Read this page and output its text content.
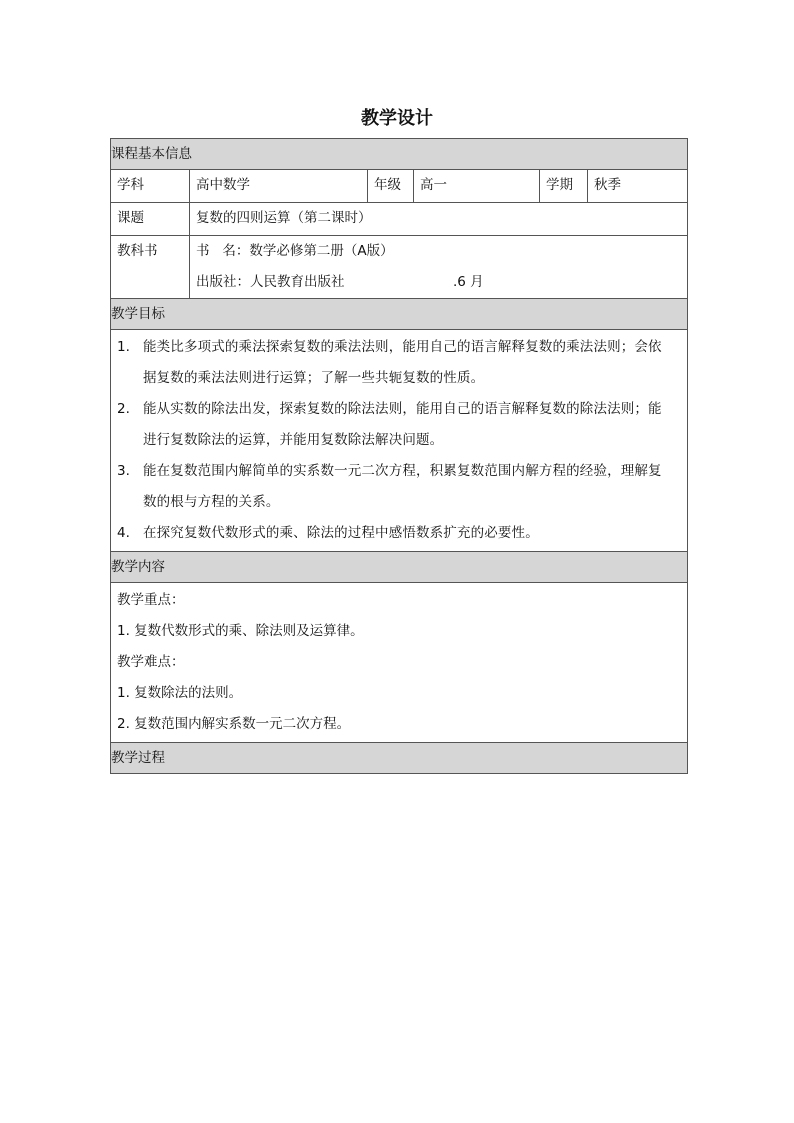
教学设计
课程基本信息
学科	高中数学	年级	高一	学期	秋季
课题	复数的四则运算（第二课时）
教科书	书   名：数学必修第二册（A版）
出版社：人民教育出版社	.6 月
教学目标
1. 能类比多项式的乘法探索复数的乘法法则，能用自己的语言解释复数的乘法法则；会依
据复数的乘法法则进行运算；了解一些共轭复数的性质。
2. 能从实数的除法出发，探索复数的除法法则，能用自己的语言解释复数的除法法则；能
进行复数除法的运算，并能用复数除法解决问题。
3. 能在复数范围内解简单的实系数一元二次方程，积累复数范围内解方程的经验，理解复
数的根与方程的关系。
4. 在探究复数代数形式的乘、除法的过程中感悟数系扩充的必要性。
教学内容
教学重点：
1. 复数代数形式的乘、除法则及运算律。
教学难点：
1. 复数除法的法则。
2. 复数范围内解实系数一元二次方程。
教学过程
